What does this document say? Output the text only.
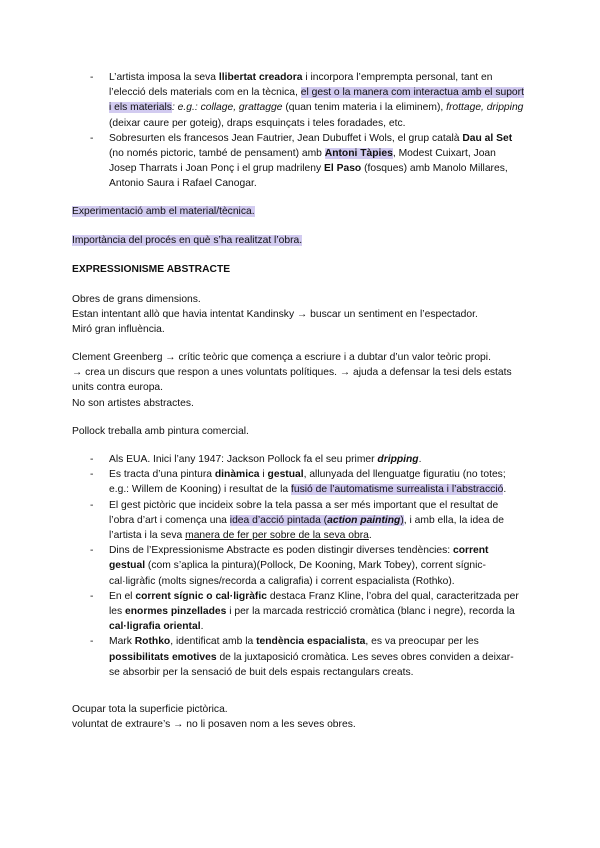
- L’artista imposa la seva llibertat creadora i incorpora l’emprempta personal, tant en l’elecció dels materials com en la tècnica, el gest o la manera com interactua amb el suport i els materials: e.g.: collage, grattagge (quan tenim materia i la eliminem), frottage, dripping (deixar caure per goteig), draps esquinçats i teles foradades, etc.
- Sobresurten els francesos Jean Fautrier, Jean Dubuffet i Wols, el grup català Dau al Set (no només pictoric, també de pensament) amb Antoni Tàpies, Modest Cuixart, Joan Josep Tharrats i Joan Ponç i el grup madrileny El Paso (fosques) amb Manolo Millares, Antonio Saura i Rafael Canogar.

Experimentació amb el material/tècnica.

Importància del procés en què s’ha realitzat l’obra.

EXPRESSIONISME ABSTRACTE

Obres de grans dimensions.

Estan intentant allò que havia intentat Kandinsky → buscar un sentiment en l’espectador.

Miró gran influència.

Clement Greenberg → crític teòric que comença a escriure i a dubtar d’un valor teòric propi.

→ crea un discurs que respon a unes voluntats polítiques. → ajuda a defensar la tesi dels estats units contra europa.

No son artistes abstractes.

Pollock treballa amb pintura comercial.

- Als EUA. Inici l’any 1947: Jackson Pollock fa el seu primer dripping.
- Es tracta d’una pintura dinàmica i gestual, allunyada del llenguatge figuratiu (no totes; e.g.: Willem de Kooning) i resultat de la fusió de l’automatisme surrealista i l’abstracció.
- El gest pictòric que incideix sobre la tela passa a ser més important que el resultat de l’obra d’art i comença una idea d’acció pintada (action painting), i amb ella, la idea de l’artista i la seva manera de fer per sobre de la seva obra.
- Dins de l’Expressionisme Abstracte es poden distingir diverses tendències: corrent gestual (com s’aplica la pintura)(Pollock, De Kooning, Mark Tobey), corrent sígnic-cal·ligràfic (molts signes/recorda a caligrafia) i corrent espacialista (Rothko).
- En el corrent sígnic o cal·ligràfic destaca Franz Kline, l’obra del qual, caracteritzada per les enormes pinzellades i per la marcada restricció cromàtica (blanc i negre), recorda la cal·ligrafia oriental.
- Mark Rothko, identificat amb la tendència espacialista, es va preocupar per les possibilitats emotives de la juxtaposició cromàtica. Les seves obres conviden a deixar-se absorbir per la sensació de buit dels espais rectangulars creats.

Ocupar tota la superficie pictòrica.

voluntat de extraure’s → no li posaven nom a les seves obres.
